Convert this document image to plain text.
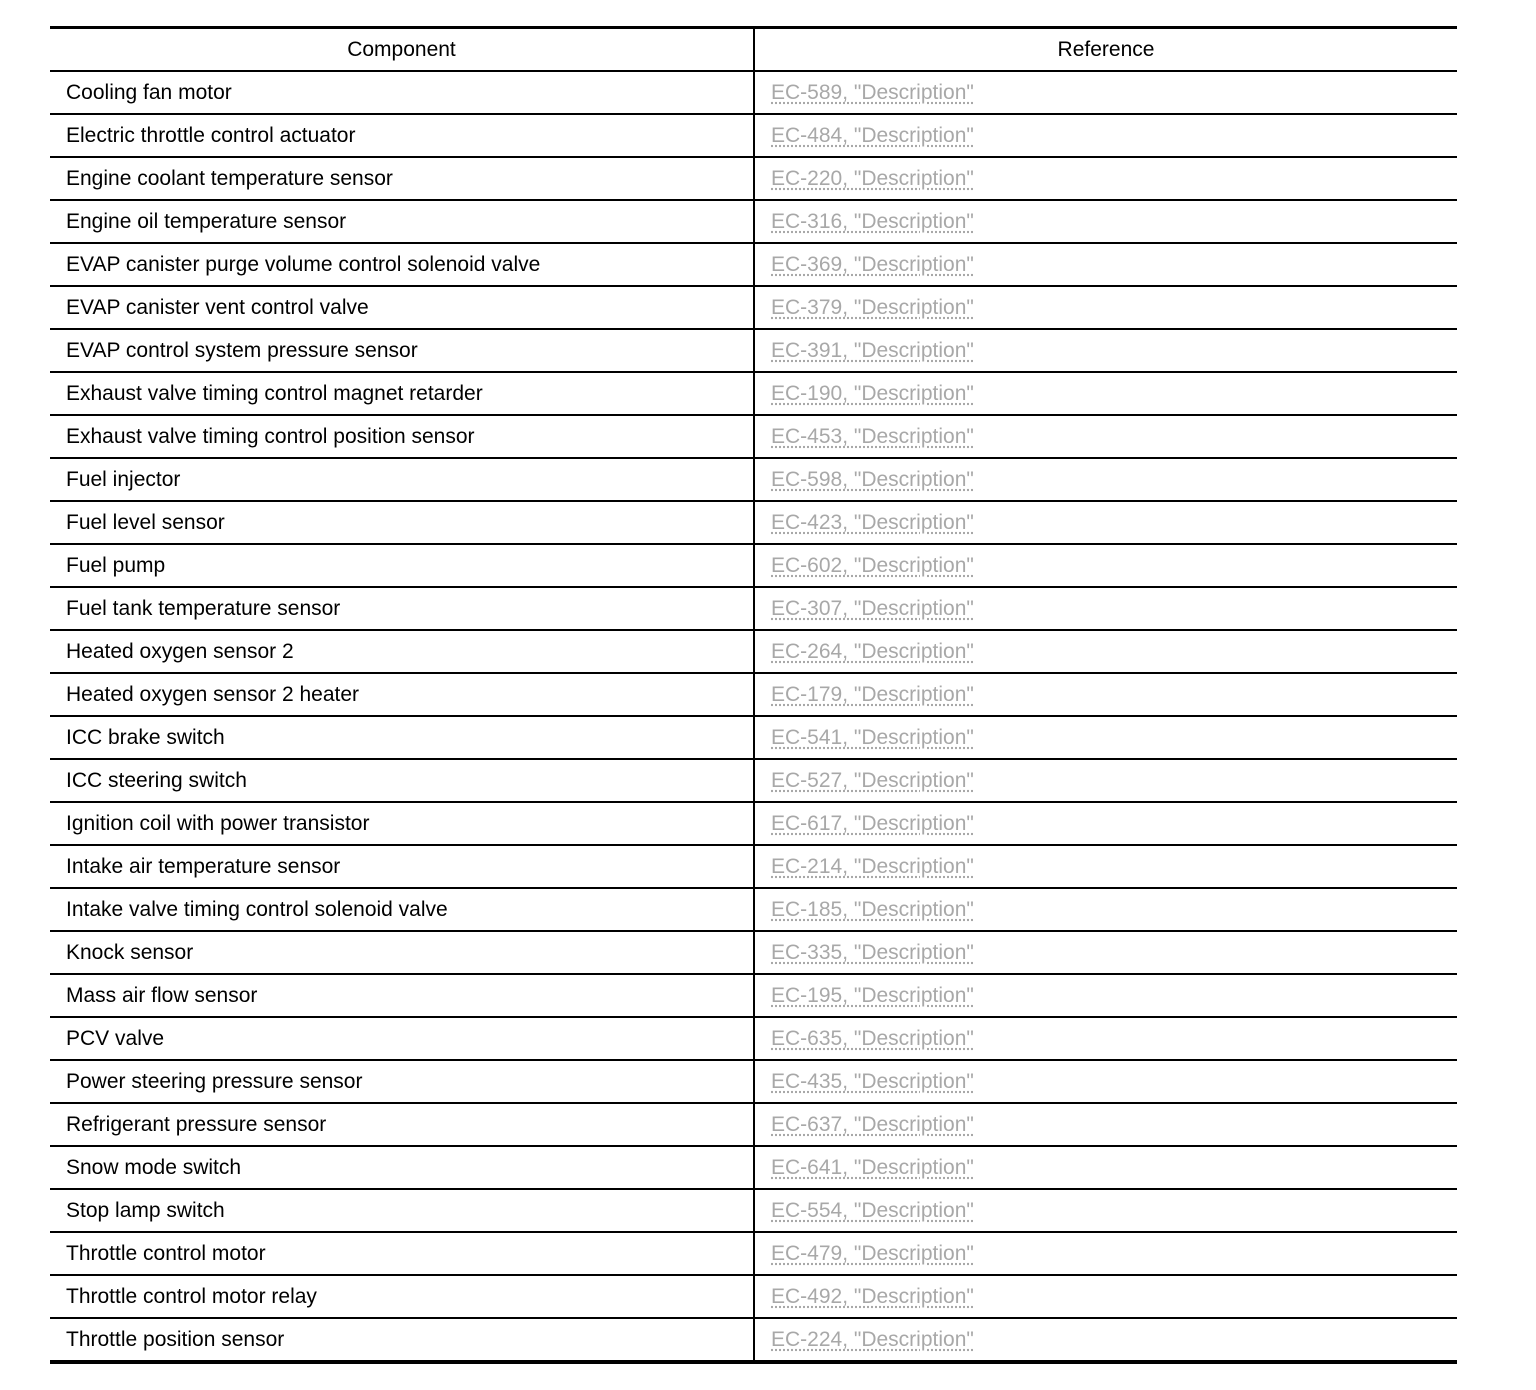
Component	Reference
Cooling fan motor	EC-589, "Description"
Electric throttle control actuator	EC-484, "Description"
Engine coolant temperature sensor	EC-220, "Description"
Engine oil temperature sensor	EC-316, "Description"
EVAP canister purge volume control solenoid valve	EC-369, "Description"
EVAP canister vent control valve	EC-379, "Description"
EVAP control system pressure sensor	EC-391, "Description"
Exhaust valve timing control magnet retarder	EC-190, "Description"
Exhaust valve timing control position sensor	EC-453, "Description"
Fuel injector	EC-598, "Description"
Fuel level sensor	EC-423, "Description"
Fuel pump	EC-602, "Description"
Fuel tank temperature sensor	EC-307, "Description"
Heated oxygen sensor 2	EC-264, "Description"
Heated oxygen sensor 2 heater	EC-179, "Description"
ICC brake switch	EC-541, "Description"
ICC steering switch	EC-527, "Description"
Ignition coil with power transistor	EC-617, "Description"
Intake air temperature sensor	EC-214, "Description"
Intake valve timing control solenoid valve	EC-185, "Description"
Knock sensor	EC-335, "Description"
Mass air flow sensor	EC-195, "Description"
PCV valve	EC-635, "Description"
Power steering pressure sensor	EC-435, "Description"
Refrigerant pressure sensor	EC-637, "Description"
Snow mode switch	EC-641, "Description"
Stop lamp switch	EC-554, "Description"
Throttle control motor	EC-479, "Description"
Throttle control motor relay	EC-492, "Description"
Throttle position sensor	EC-224, "Description"
